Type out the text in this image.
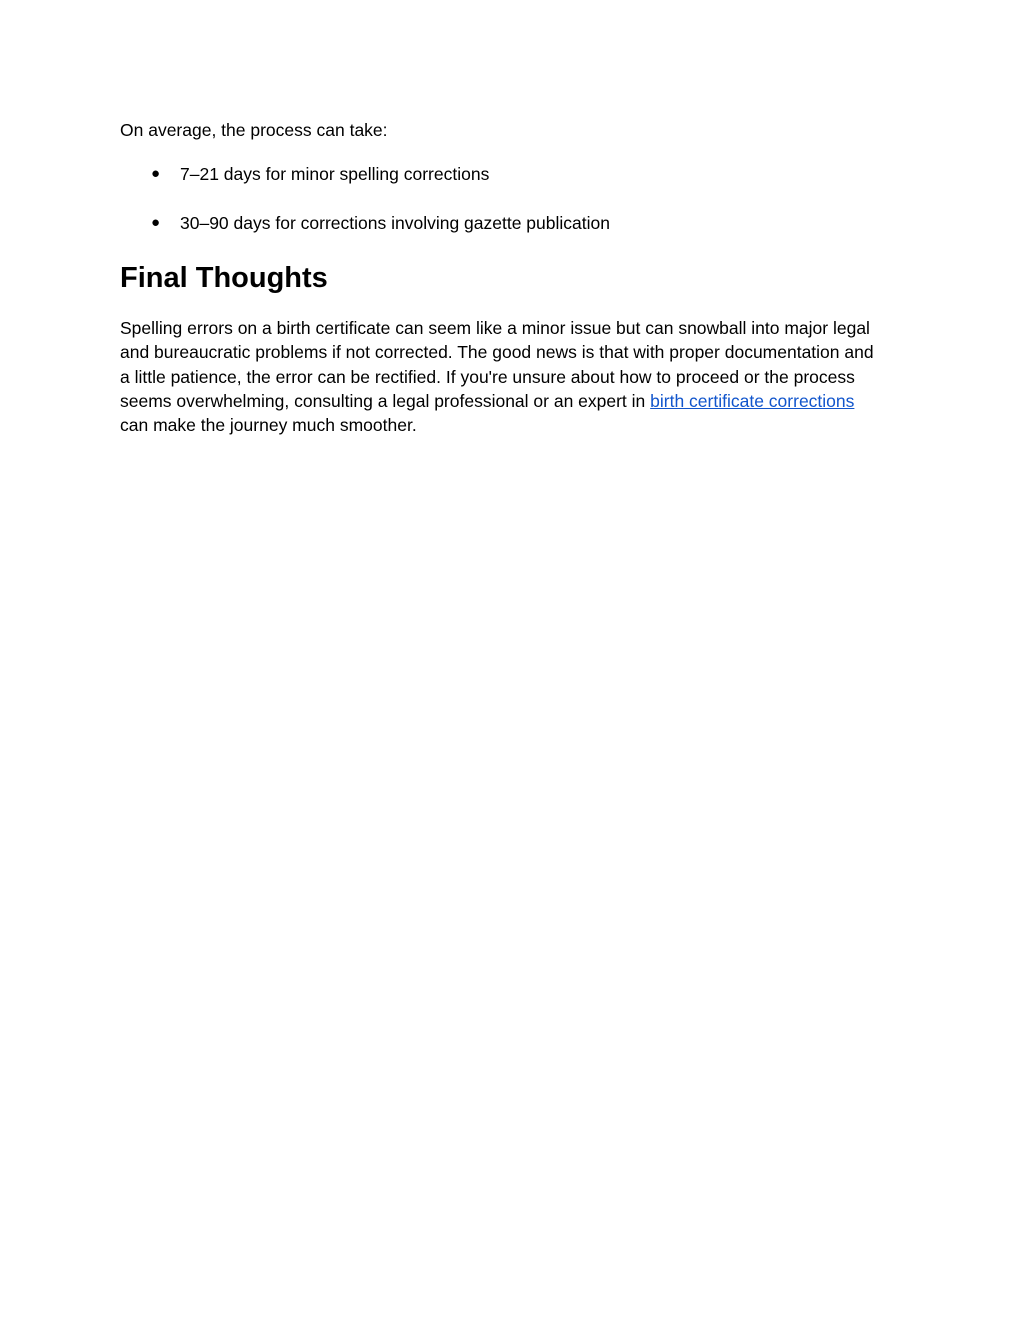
On average, the process can take:

● 7–21 days for minor spelling corrections
● 30–90 days for corrections involving gazette publication
Final Thoughts

Spelling errors on a birth certificate can seem like a minor issue but can snowball into major legal and bureaucratic problems if not corrected. The good news is that with proper documentation and a little patience, the error can be rectified. If you're unsure about how to proceed or the process seems overwhelming, consulting a legal professional or an expert in birth certificate corrections can make the journey much smoother.
